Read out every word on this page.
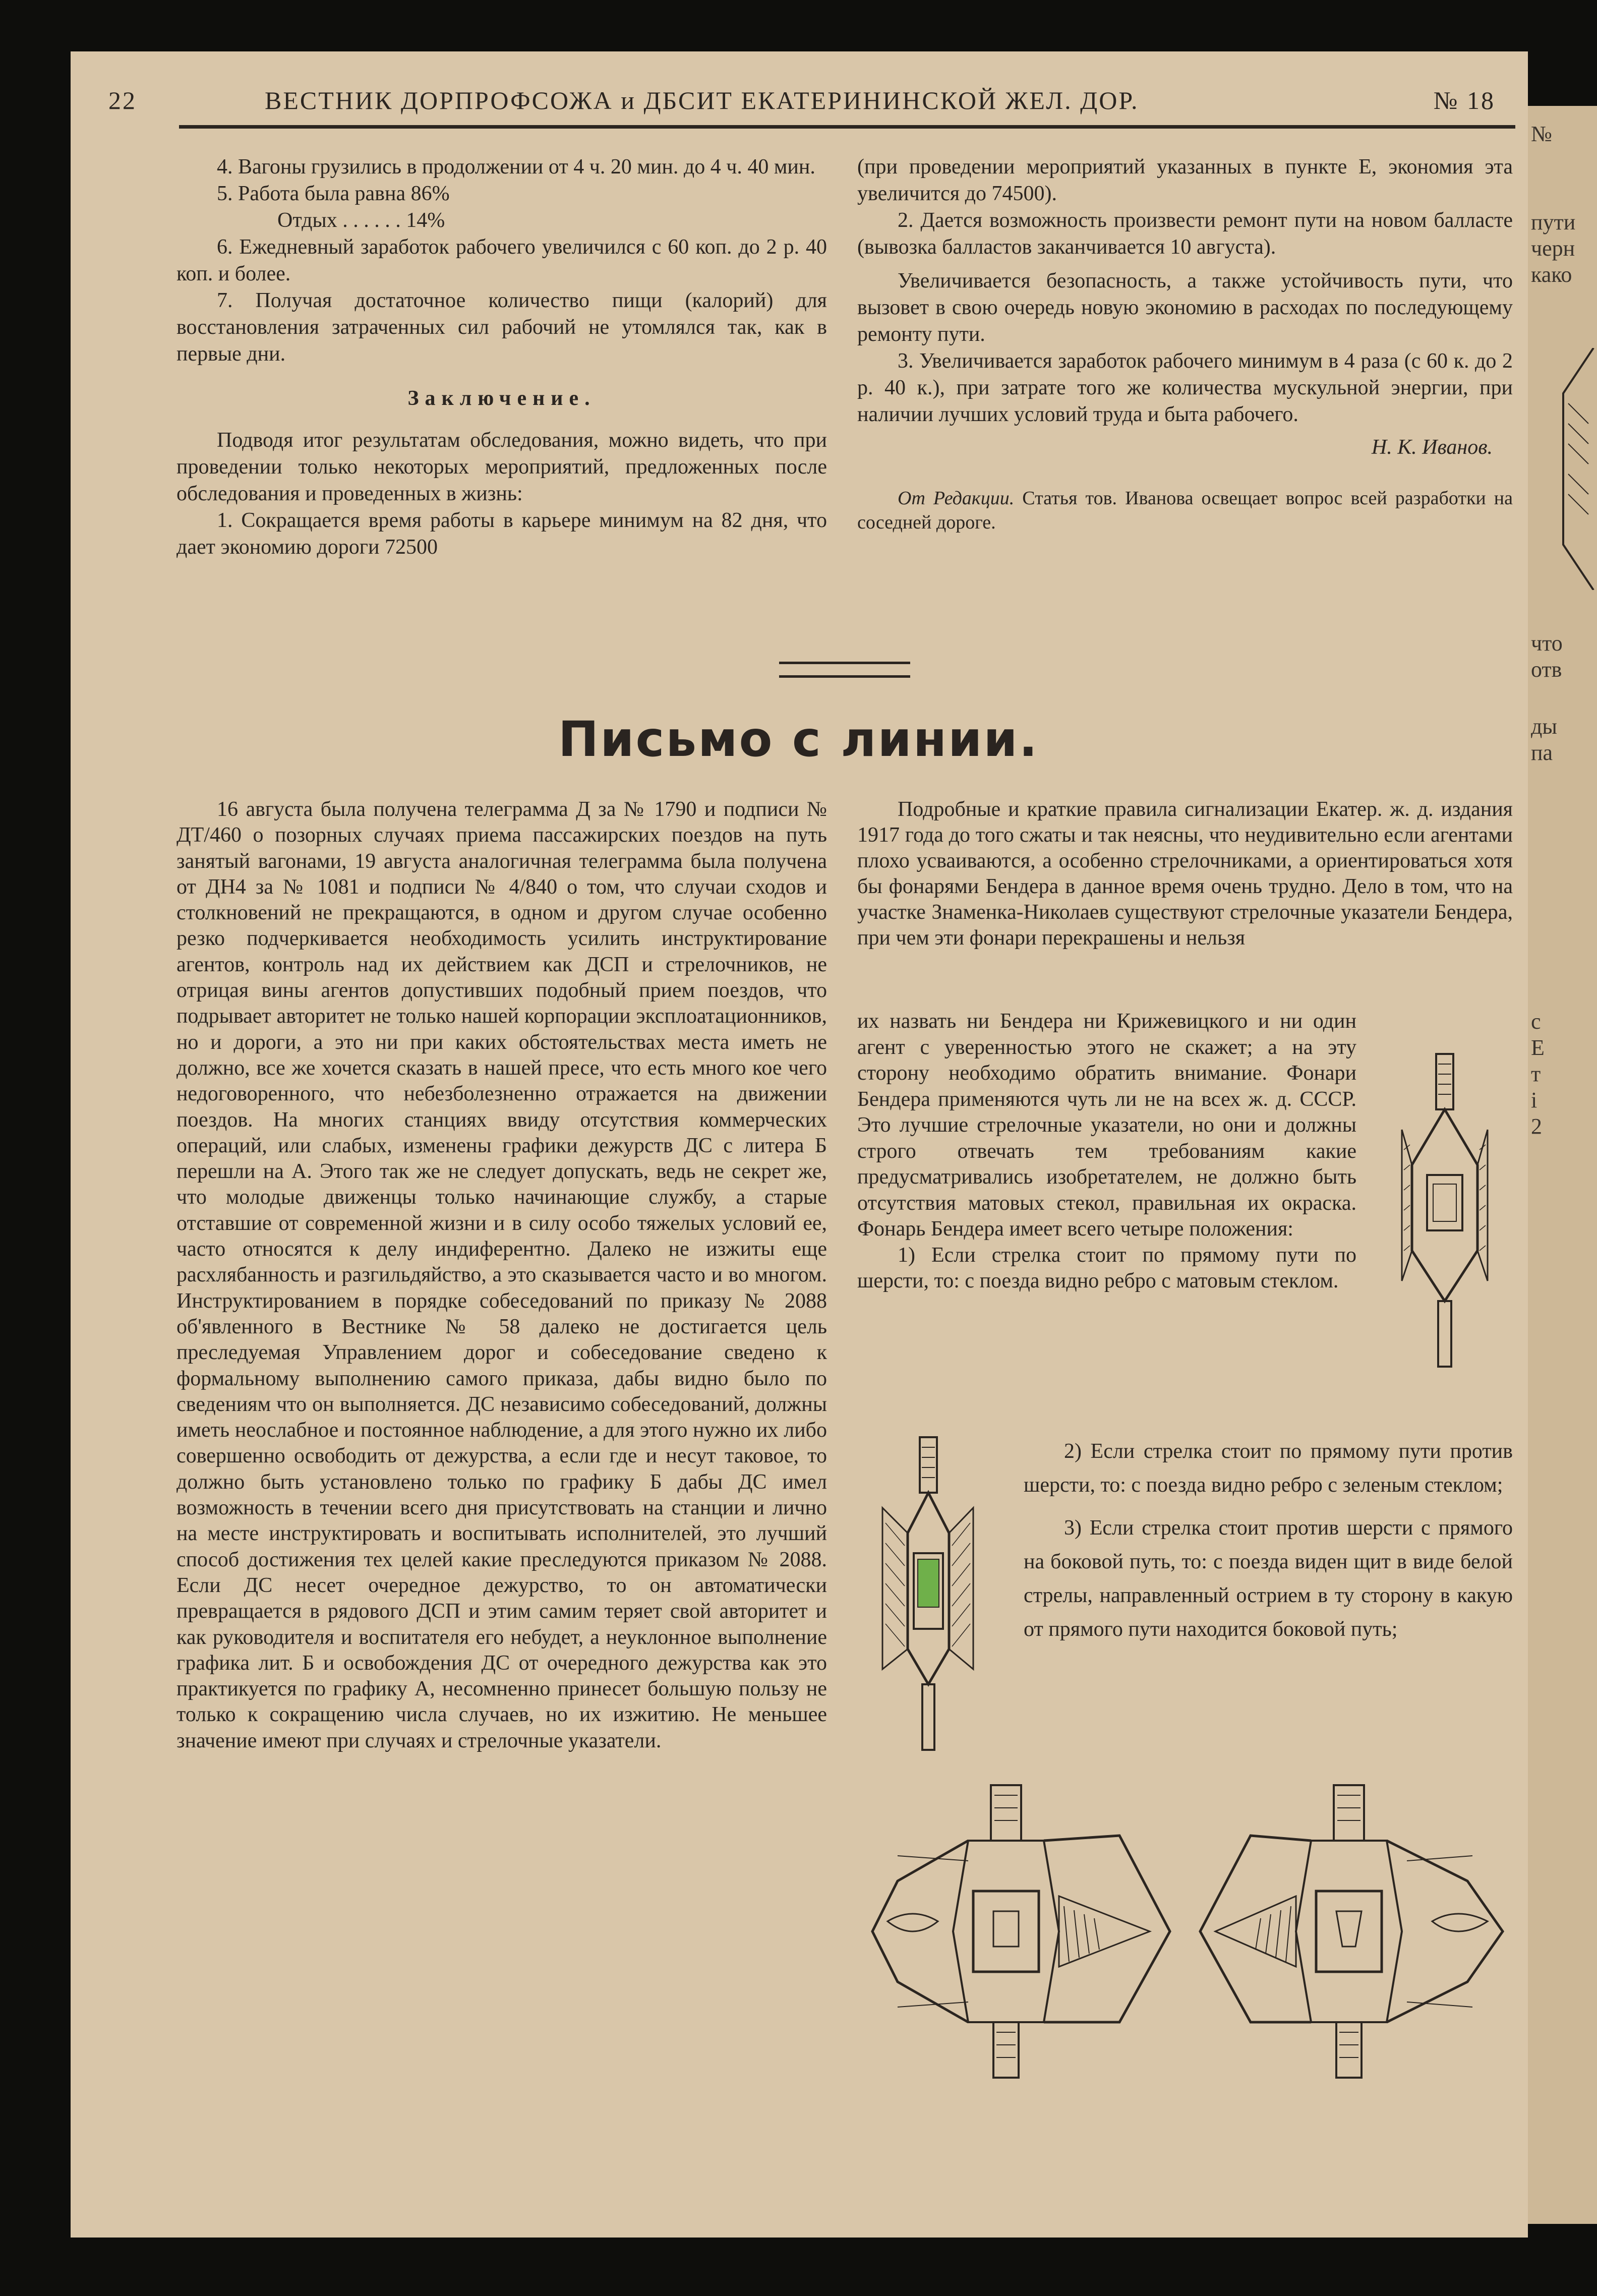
№
пути
черн
како
что
отв
ды
па
с
Е
т
і
2
22	ВЕСТНИК ДОРПРОФСОЖА и ДБСИТ ЕКАТЕРИНИНСКОЙ ЖЕЛ. ДОР.	№ 18

4. Вагоны грузились в продолжении от 4 ч. 20 мин. до 4 ч. 40 мин.

5. Работа была равна 86%

Отдых . . . . . . 14%

6. Ежедневный заработок рабочего увеличился с 60 коп. до 2 р. 40 коп. и более.

7. Получая достаточное количество пищи (калорий) для восстановления затраченных сил рабочий не утомлялся так, как в первые дни.

Заключение.

Подводя итог результатам обследования, можно видеть, что при проведении только некоторых мероприятий, предложенных после обследования и проведенных в жизнь:

1. Сокращается время работы в карьере минимум на 82 дня, что дает экономию дороги 72500

(при проведении мероприятий указанных в пункте Е, экономия эта увеличится до 74500).

2. Дается возможность произвести ремонт пути на новом балласте (вывозка балластов заканчивается 10 августа).

Увеличивается безопасность, а также устойчивость пути, что вызовет в свою очередь новую экономию в расходах по последующему ремонту пути.

3. Увеличивается заработок рабочего минимум в 4 раза (с 60 к. до 2 р. 40 к.), при затрате того же количества мускульной энергии, при наличии лучших условий труда и быта рабочего.

Н. К. Иванов.

От Редакции. Статья тов. Иванова освещает вопрос всей разработки на соседней дороге.

Письмо с линии.

16 августа была получена телеграмма Д за № 1790 и подписи № ДТ/460 о позорных случаях приема пассажирских поездов на путь занятый вагонами, 19 августа аналогичная телеграмма была получена от ДН4 за № 1081 и подписи № 4/840 о том, что случаи сходов и столкновений не прекращаются, в одном и другом случае особенно резко подчеркивается необходимость усилить инструктирование агентов, контроль над их действием как ДСП и стрелочников, не отрицая вины агентов допустивших подобный прием поездов, что подрывает авторитет не только нашей корпорации эксплоатационников, но и дороги, а это ни при каких обстоятельствах места иметь не должно, все же хочется сказать в нашей пресе, что есть много кое чего недоговоренного, что небезболезненно отражается на движении поездов. На многих станциях ввиду отсутствия коммерческих операций, или слабых, изменены графики дежурств ДС с литера Б перешли на А. Этого так же не следует допускать, ведь не секрет же, что молодые движенцы только начинающие службу, а старые отставшие от современной жизни и в силу особо тяжелых условий ее, часто относятся к делу индиферентно. Далеко не изжиты еще расхлябанность и разгильдяйство, а это сказывается часто и во многом. Инструктированием в порядке собеседований по приказу № 2088 об'явленного в Вестнике № 58 далеко не достигается цель преследуемая Управлением дорог и собеседование сведено к формальному выполнению самого приказа, дабы видно было по сведениям что он выполняется. ДС независимо собеседований, должны иметь неослабное и постоянное наблюдение, а для этого нужно их либо совершенно освободить от дежурства, а если где и несут таковое, то должно быть установлено только по графику Б дабы ДС имел возможность в течении всего дня присутствовать на станции и лично на месте инструктировать и воспитывать исполнителей, это лучший способ достижения тех целей какие преследуются приказом № 2088. Если ДС несет очередное дежурство, то он автоматически превращается в рядового ДСП и этим самим теряет свой авторитет и как руководителя и воспитателя его небудет, а неуклонное выполнение графика лит. Б и освобождения ДС от очередного дежурства как это практикуется по графику А, несомненно принесет большую пользу не только к сокращению числа случаев, но их изжитию. Не меньшее значение имеют при случаях и стрелочные указатели.

Подробные и краткие правила сигнализации Екатер. ж. д. издания 1917 года до того сжаты и так неясны, что неудивительно если агентами плохо усваиваются, а особенно стрелочниками, а ориентироваться хотя бы фонарями Бендера в данное время очень трудно. Дело в том, что на участке Знаменка-Николаев существуют стрелочные указатели Бендера, при чем эти фонари перекрашены и нельзя

их назвать ни Бендера ни Крижевицкого и ни один агент с уверенностью этого не скажет; а на эту сторону необходимо обратить внимание. Фонари Бендера применяются чуть ли не на всех ж. д. СССР. Это лучшие стрелочные указатели, но они и должны строго отвечать тем требованиям какие предусматривались изобретателем, не должно быть отсутствия матовых стекол, правильная их окраска. Фонарь Бендера имеет всего четыре положения:

1) Если стрелка стоит по прямому пути по шерсти, то: с поезда видно ребро с матовым стеклом.

2) Если стрелка стоит по прямому пути против шерсти, то: с поезда видно ребро с зеленым стеклом;

3) Если стрелка стоит против шерсти с прямого на боковой путь, то: с поезда виден щит в виде белой стрелы, направленный острием в ту сторону в какую от прямого пути находится боковой путь;
